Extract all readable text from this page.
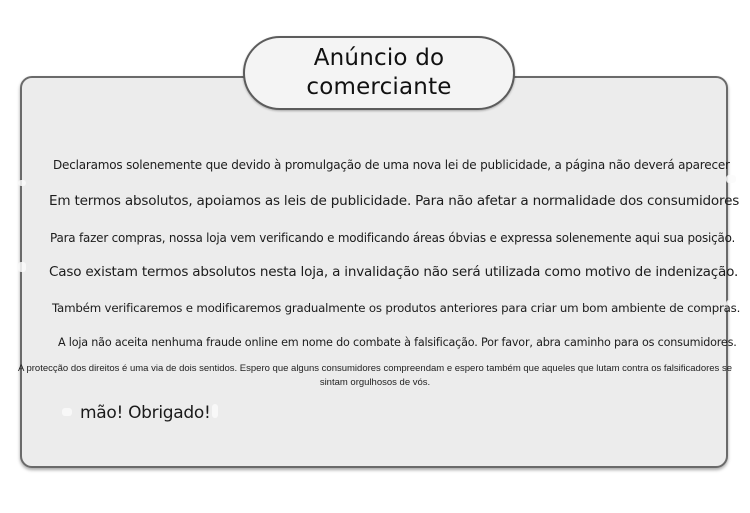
Anúncio do
comerciante
Declaramos solenemente que devido à promulgação de uma nova lei de publicidade, a página não deverá aparecer
Em termos absolutos, apoiamos as leis de publicidade. Para não afetar a normalidade dos consumidores
Para fazer compras, nossa loja vem verificando e modificando áreas óbvias e expressa solenemente aqui sua posição.
Caso existam termos absolutos nesta loja, a invalidação não será utilizada como motivo de indenização.
Também verificaremos e modificaremos gradualmente os produtos anteriores para criar um bom ambiente de compras.
A loja não aceita nenhuma fraude online em nome do combate à falsificação. Por favor, abra caminho para os consumidores.
A protecção dos direitos é uma via de dois sentidos. Espero que alguns consumidores compreendam e espero também que aqueles que lutam contra os falsificadores se sintam orgulhosos de vós.
mão! Obrigado!
